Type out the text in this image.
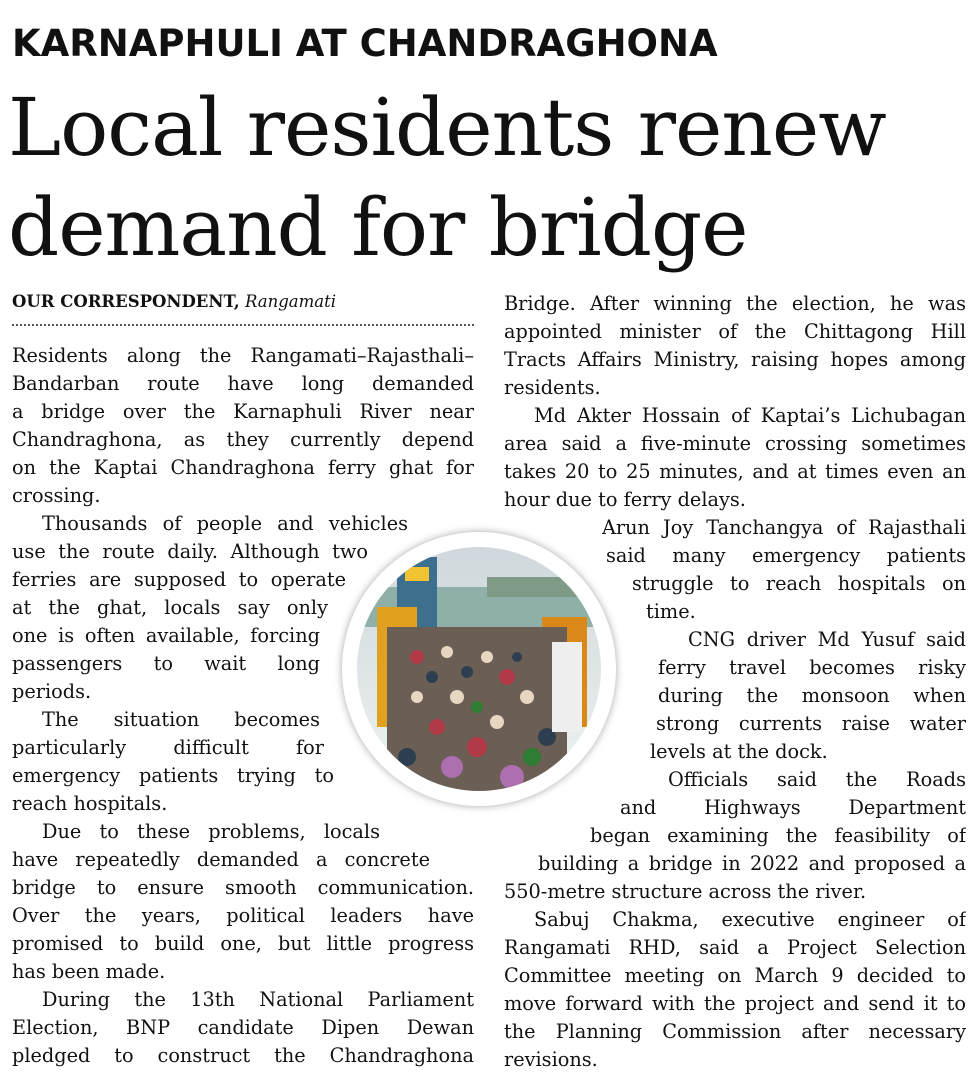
KARNAPHULI AT CHANDRAGHONA
Local residents renew
demand for bridge
OUR CORRESPONDENT, Rangamati
Residents along the Rangamati–Rajasthali–
Bandarban route have long demanded
a bridge over the Karnaphuli River near
Chandraghona, as they currently depend
on the Kaptai Chandraghona ferry ghat for
crossing.
Thousands of people and vehicles
use the route daily. Although two
ferries are supposed to operate
at the ghat, locals say only
one is often available, forcing
passengers to wait long
periods.
The situation becomes
particularly difficult for
emergency patients trying to
reach hospitals.
Due to these problems, locals
have repeatedly demanded a concrete
bridge to ensure smooth communication.
Over the years, political leaders have
promised to build one, but little progress
has been made.
During the 13th National Parliament
Election, BNP candidate Dipen Dewan
pledged to construct the Chandraghona
Bridge. After winning the election, he was
appointed minister of the Chittagong Hill
Tracts Affairs Ministry, raising hopes among
residents.
Md Akter Hossain of Kaptai’s Lichubagan
area said a five-minute crossing sometimes
takes 20 to 25 minutes, and at times even an
hour due to ferry delays.
Arun Joy Tanchangya of Rajasthali
said many emergency patients
struggle to reach hospitals on
time.
CNG driver Md Yusuf said
ferry travel becomes risky
during the monsoon when
strong currents raise water
levels at the dock.
Officials said the Roads
and Highways Department
began examining the feasibility of
building a bridge in 2022 and proposed a
550-metre structure across the river.
Sabuj Chakma, executive engineer of
Rangamati RHD, said a Project Selection
Committee meeting on March 9 decided to
move forward with the project and send it to
the Planning Commission after necessary
revisions.
